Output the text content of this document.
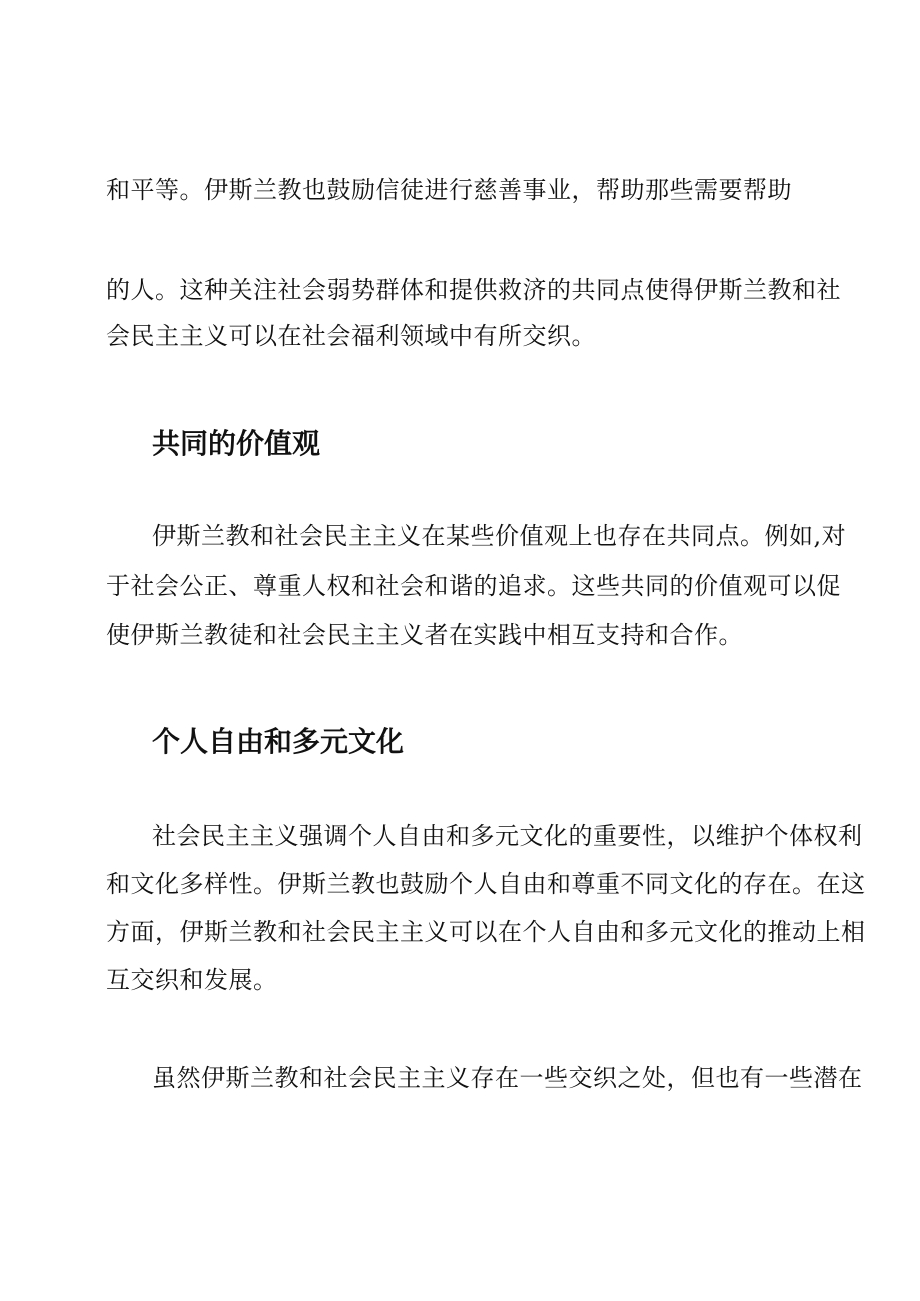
和平等。伊斯兰教也鼓励信徒进行慈善事业，帮助那些需要帮助

的人。这种关注社会弱势群体和提供救济的共同点使得伊斯兰教和社

会民主主义可以在社会福利领域中有所交织。

共同的价值观

伊斯兰教和社会民主主义在某些价值观上也存在共同点。例如,对

于社会公正、尊重人权和社会和谐的追求。这些共同的价值观可以促

使伊斯兰教徒和社会民主主义者在实践中相互支持和合作。

个人自由和多元文化

社会民主主义强调个人自由和多元文化的重要性，以维护个体权利

和文化多样性。伊斯兰教也鼓励个人自由和尊重不同文化的存在。在这

方面，伊斯兰教和社会民主主义可以在个人自由和多元文化的推动上相

互交织和发展。

虽然伊斯兰教和社会民主主义存在一些交织之处，但也有一些潜在
